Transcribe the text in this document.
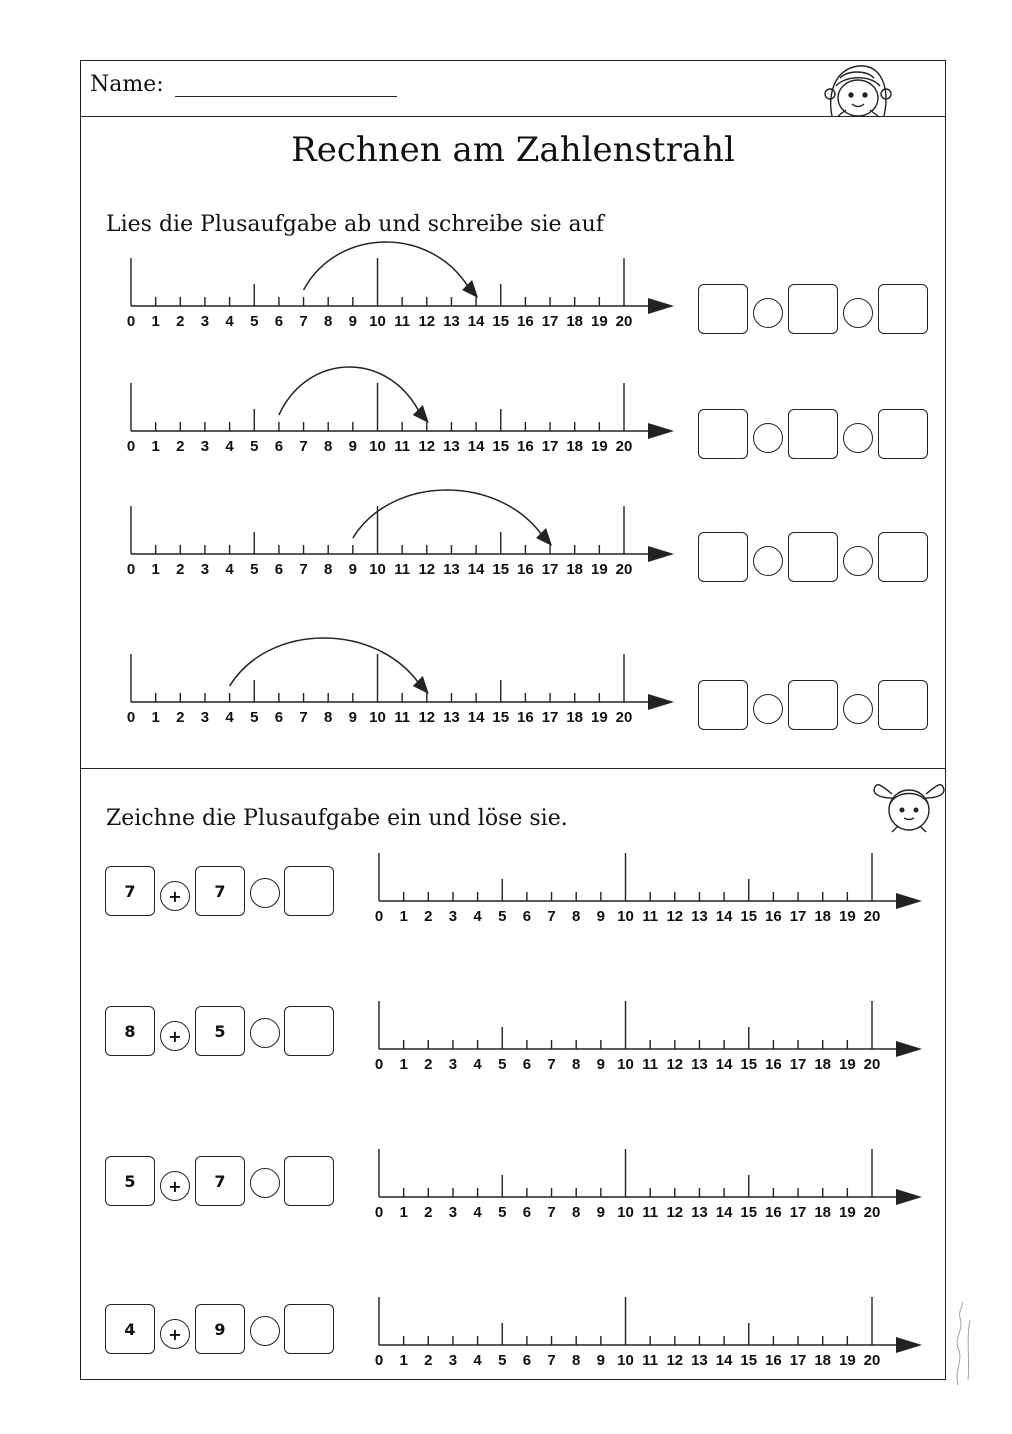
Name:
Rechnen am Zahlenstrahl
Lies die Plusaufgabe ab und schreibe sie auf
Zeichne die Plusaufgabe ein und löse sie.
0 1 2 3 4 5 6 7 8 9 10 11 12 13 14 15 16 17 18 19 20
0 1 2 3 4 5 6 7 8 9 10 11 12 13 14 15 16 17 18 19 20
0 1 2 3 4 5 6 7 8 9 10 11 12 13 14 15 16 17 18 19 20
0 1 2 3 4 5 6 7 8 9 10 11 12 13 14 15 16 17 18 19 20
0 1 2 3 4 5 6 7 8 9 10 11 12 13 14 15 16 17 18 19 20
7	+	7
0 1 2 3 4 5 6 7 8 9 10 11 12 13 14 15 16 17 18 19 20
8	+	5
0 1 2 3 4 5 6 7 8 9 10 11 12 13 14 15 16 17 18 19 20
5	+	7
0 1 2 3 4 5 6 7 8 9 10 11 12 13 14 15 16 17 18 19 20
4	+	9
